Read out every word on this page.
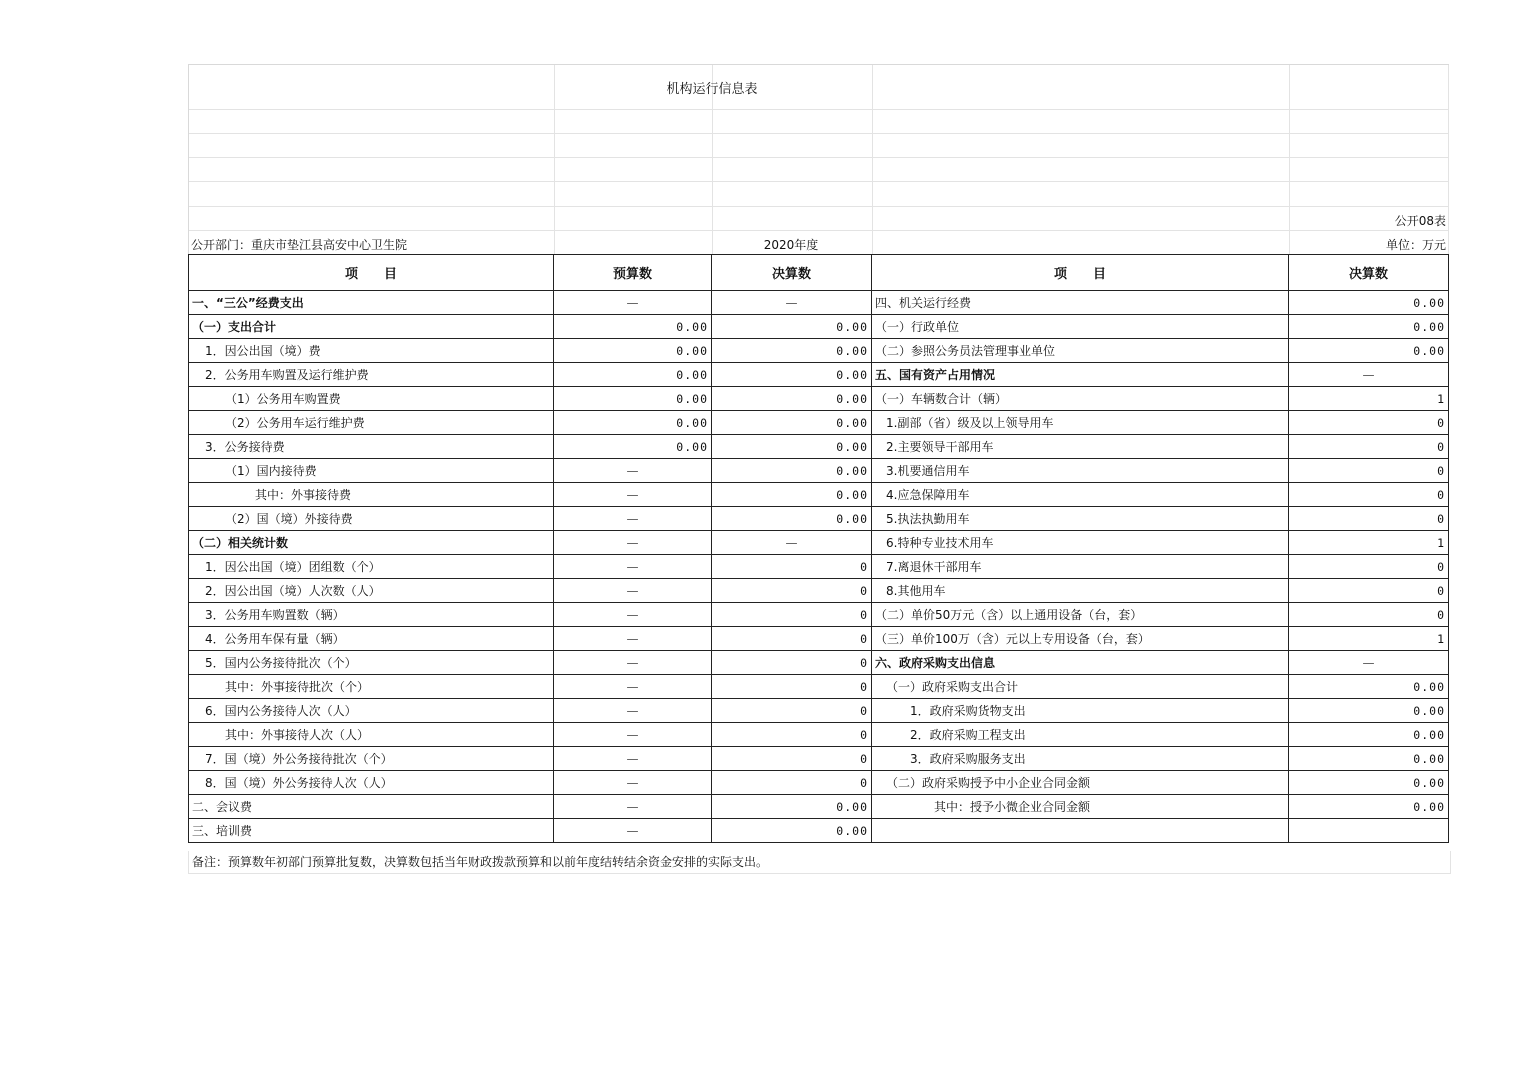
机构运行信息表
公开08表
公开部门：重庆市垫江县高安中心卫生院	2020年度	单位：万元
项　　目	预算数	决算数	项　　目	决算数
一、“三公”经费支出	—	—	四、机关运行经费	0.00
（一）支出合计	0.00	0.00	（一）行政单位	0.00
1．因公出国（境）费	0.00	0.00	（二）参照公务员法管理事业单位	0.00
2．公务用车购置及运行维护费	0.00	0.00	五、国有资产占用情况	—
（1）公务用车购置费	0.00	0.00	（一）车辆数合计（辆）	1
（2）公务用车运行维护费	0.00	0.00	1.副部（省）级及以上领导用车	0
3．公务接待费	0.00	0.00	2.主要领导干部用车	0
（1）国内接待费	—	0.00	3.机要通信用车	0
其中：外事接待费	—	0.00	4.应急保障用车	0
（2）国（境）外接待费	—	0.00	5.执法执勤用车	0
（二）相关统计数	—	—	6.特种专业技术用车	1
1．因公出国（境）团组数（个）	—	0	7.离退休干部用车	0
2．因公出国（境）人次数（人）	—	0	8.其他用车	0
3．公务用车购置数（辆）	—	0	（二）单价50万元（含）以上通用设备（台，套）	0
4．公务用车保有量（辆）	—	0	（三）单价100万（含）元以上专用设备（台，套）	1
5．国内公务接待批次（个）	—	0	六、政府采购支出信息	—
其中：外事接待批次（个）	—	0	（一）政府采购支出合计	0.00
6．国内公务接待人次（人）	—	0	1．政府采购货物支出	0.00
其中：外事接待人次（人）	—	0	2．政府采购工程支出	0.00
7．国（境）外公务接待批次（个）	—	0	3．政府采购服务支出	0.00
8．国（境）外公务接待人次（人）	—	0	（二）政府采购授予中小企业合同金额	0.00
二、会议费	—	0.00	其中：授予小微企业合同金额	0.00
三、培训费	—	0.00		
备注：预算数年初部门预算批复数，决算数包括当年财政拨款预算和以前年度结转结余资金安排的实际支出。
